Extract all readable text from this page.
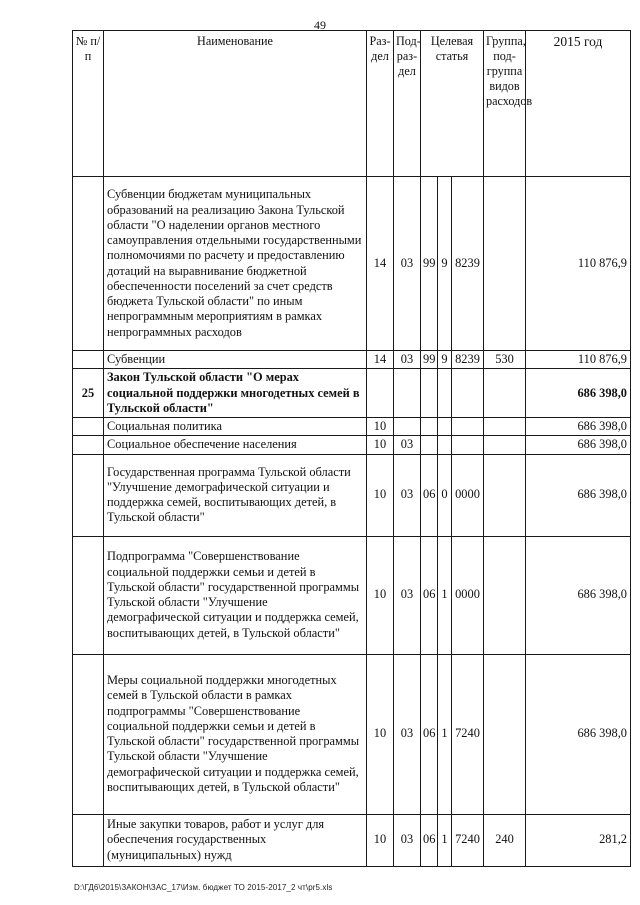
49
№ п/п	Наименование	Раз-дел	Под-раз-дел	Целевая статья			Группа, под-группа видов расходов	2015 год
	Субвенции бюджетам муниципальных образований на реализацию Закона Тульской области "О наделении органов местного самоуправления отдельными государственными полномочиями по расчету и предоставлению дотаций на выравнивание бюджетной обеспеченности поселений за счет средств бюджета Тульской области" по иным непрограммным мероприятиям в рамках непрограммных расходов	14	03	99	9	8239		110 876,9
	Субвенции	14	03	99	9	8239	530	110 876,9
25	Закон Тульской области "О мерах социальной поддержки многодетных семей в Тульской области"							686 398,0
	Социальная политика	10						686 398,0
	Социальное обеспечение населения	10	03					686 398,0
	Государственная программа Тульской области "Улучшение демографической ситуации и поддержка семей, воспитывающих детей, в Тульской области"	10	03	06	0	0000		686 398,0
	Подпрограмма "Совершенствование социальной поддержки семьи и детей в Тульской области" государственной программы Тульской области "Улучшение демографической ситуации и поддержка семей, воспитывающих детей, в Тульской области"	10	03	06	1	0000		686 398,0
	Меры социальной поддержки многодетных семей в Тульской области в рамках подпрограммы "Совершенствование социальной поддержки семьи и детей в Тульской области" государственной программы Тульской области "Улучшение демографической ситуации и поддержка семей, воспитывающих детей, в Тульской области"	10	03	06	1	7240		686 398,0
	Иные закупки товаров, работ и услуг для обеспечения государственных (муниципальных) нужд	10	03	06	1	7240	240	281,2
D:\ГД6\2015\ЗАКОН\ЗАС_17\Изм. бюджет ТО 2015-2017_2 чт\pr5.xls
